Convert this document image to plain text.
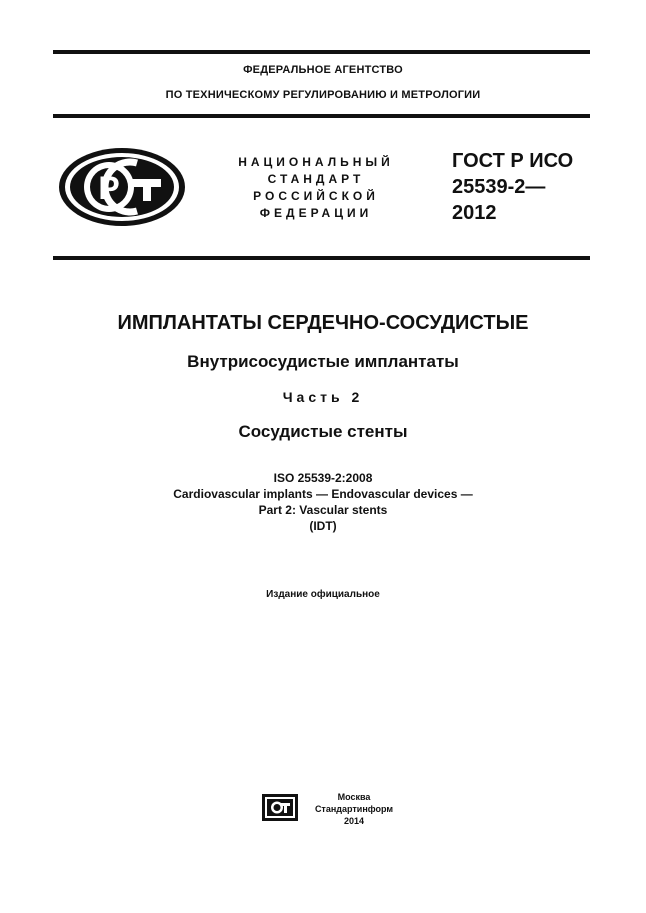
ФЕДЕРАЛЬНОЕ АГЕНТСТВО
ПО ТЕХНИЧЕСКОМУ РЕГУЛИРОВАНИЮ И МЕТРОЛОГИИ
P
НАЦИОНАЛЬНЫЙ
СТАНДАРТ
РОССИЙСКОЙ
ФЕДЕРАЦИИ
ГОСТ Р ИСО
25539-2—
2012
ИМПЛАНТАТЫ СЕРДЕЧНО-СОСУДИСТЫЕ
Внутрисосудистые имплантаты
Часть 2
Сосудистые стенты
ISO 25539-2:2008
Cardiovascular implants — Endovascular devices —
Part 2: Vascular stents
(IDT)
Издание официальное
Москва
Стандартинформ
2014
